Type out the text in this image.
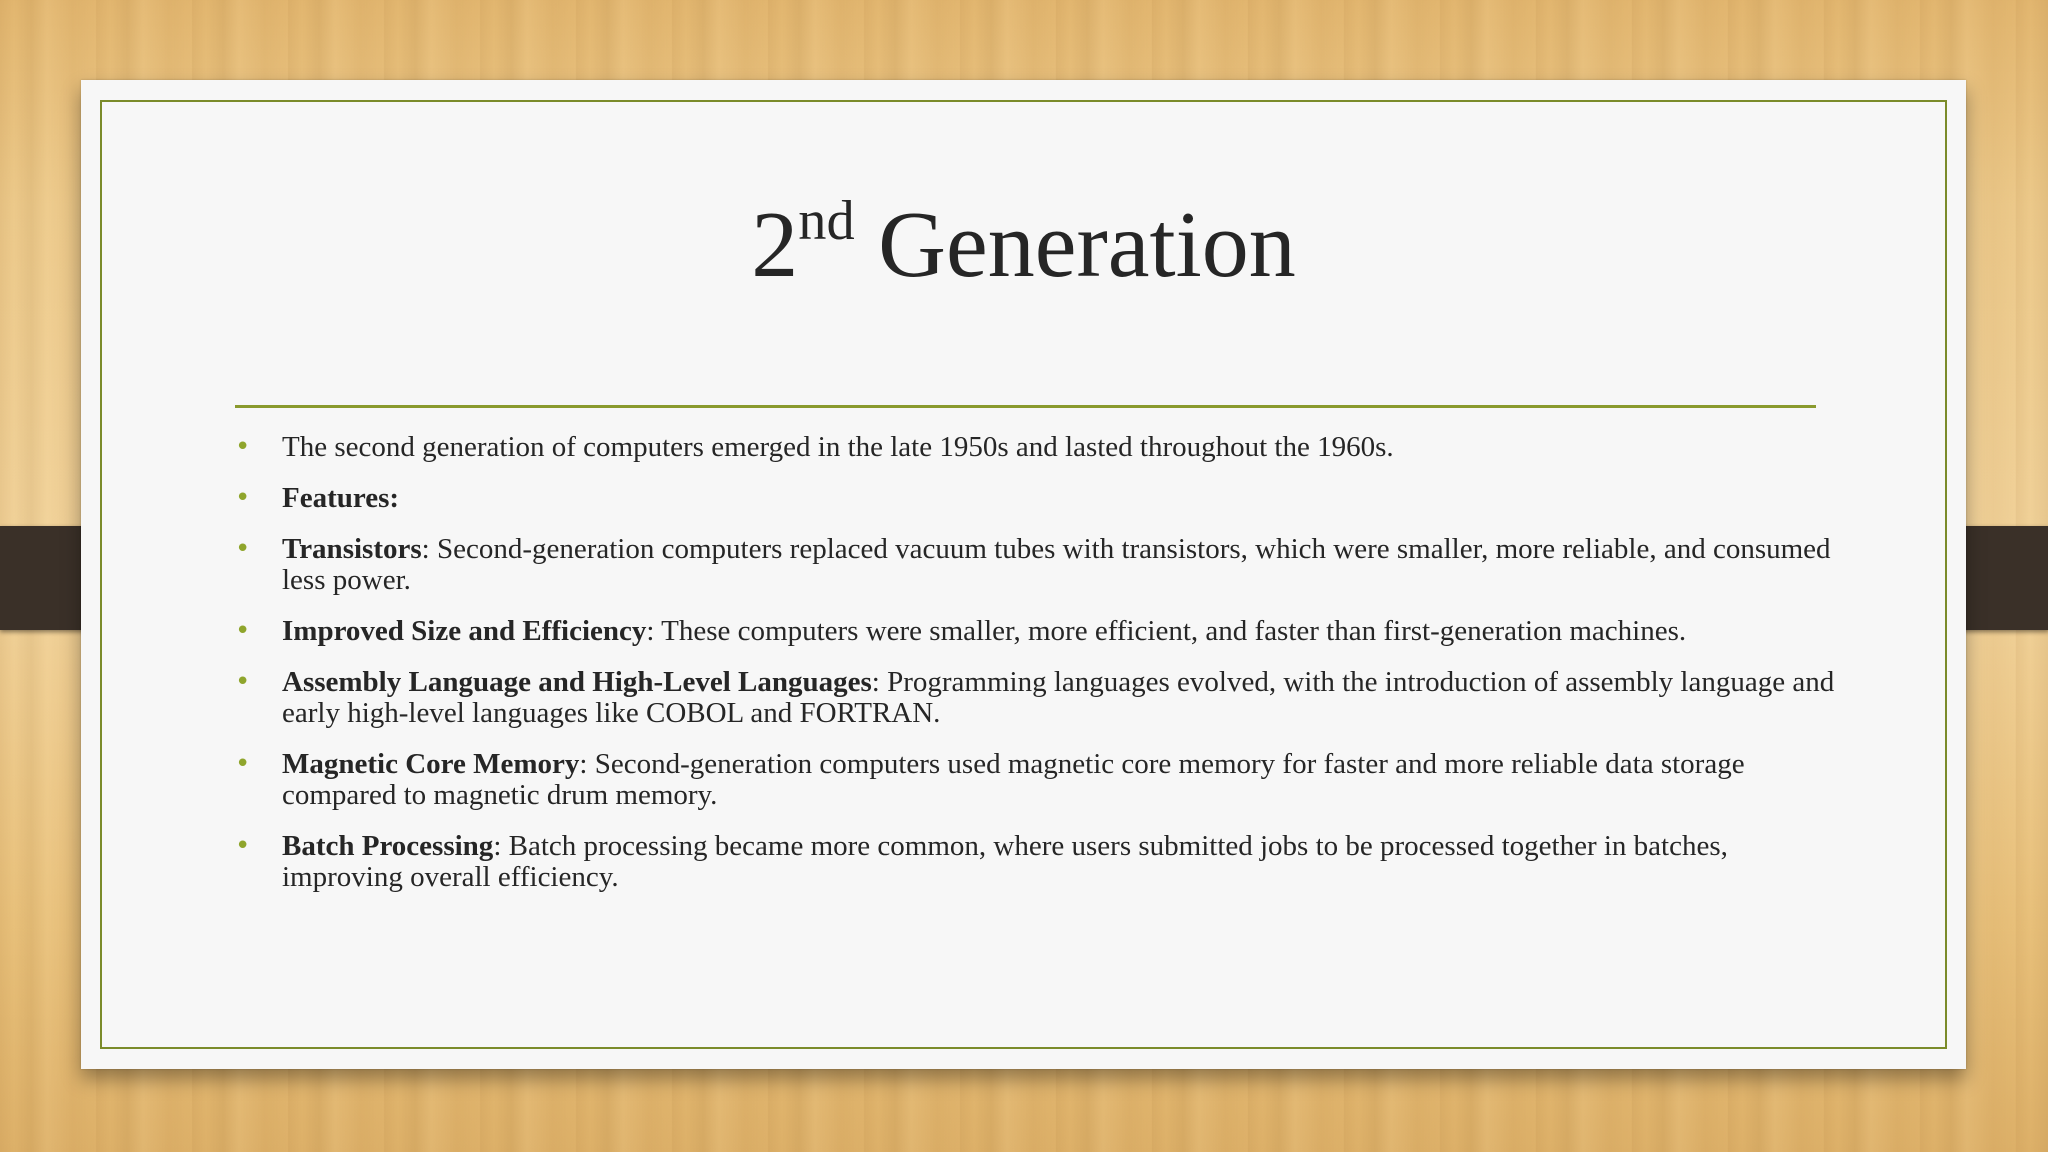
2nd Generation
• The second generation of computers emerged in the late 1950s and lasted throughout the 1960s.
• Features:
• Transistors: Second-generation computers replaced vacuum tubes with transistors, which were smaller, more reliable, and consumed less power.
• Improved Size and Efficiency: These computers were smaller, more efficient, and faster than first-generation machines.
• Assembly Language and High-Level Languages: Programming languages evolved, with the introduction of assembly language and early high-level languages like COBOL and FORTRAN.
• Magnetic Core Memory: Second-generation computers used magnetic core memory for faster and more reliable data storage compared to magnetic drum memory.
• Batch Processing: Batch processing became more common, where users submitted jobs to be processed together in batches, improving overall efficiency.
